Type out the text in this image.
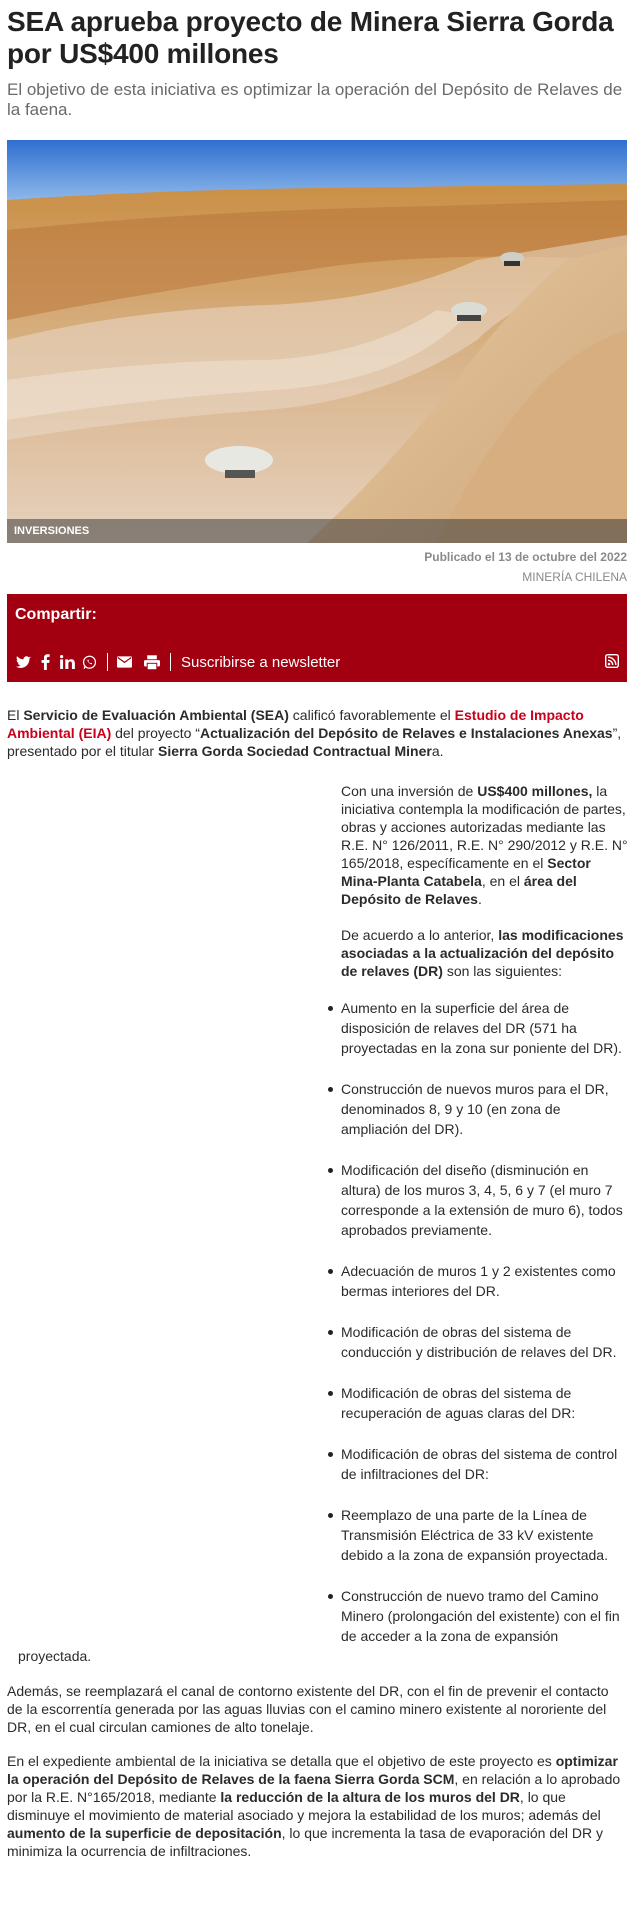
SEA aprueba proyecto de Minera Sierra Gorda por US$400 millones
El objetivo de esta iniciativa es optimizar la operación del Depósito de Relaves de la faena.
INVERSIONES
Publicado el 13 de octubre del 2022
MINERÍA CHILENA
Compartir:
Suscribirse a newsletter
El Servicio de Evaluación Ambiental (SEA) calificó favorablemente el Estudio de Impacto Ambiental (EIA) del proyecto “Actualización del Depósito de Relaves e Instalaciones Anexas”, presentado por el titular Sierra Gorda Sociedad Contractual Minera.

Con una inversión de US$400 millones, la iniciativa contempla la modificación de partes, obras y acciones autorizadas mediante las R.E. N° 126/2011, R.E. N° 290/2012 y R.E. N° 165/2018, específicamente en el Sector Mina-Planta Catabela, en el área del Depósito de Relaves.

De acuerdo a lo anterior, las modificaciones asociadas a la actualización del depósito de relaves (DR) son las siguientes:

Aumento en la superficie del área de disposición de relaves del DR (571 ha proyectadas en la zona sur poniente del DR).
Construcción de nuevos muros para el DR, denominados 8, 9 y 10 (en zona de ampliación del DR).
Modificación del diseño (disminución en altura) de los muros 3, 4, 5, 6 y 7 (el muro 7 corresponde a la extensión de muro 6), todos aprobados previamente.
Adecuación de muros 1 y 2 existentes como bermas interiores del DR.
Modificación de obras del sistema de conducción y distribución de relaves del DR.
Modificación de obras del sistema de recuperación de aguas claras del DR:
Modificación de obras del sistema de control de infiltraciones del DR:
Reemplazo de una parte de la Línea de Transmisión Eléctrica de 33 kV existente debido a la zona de expansión proyectada.
Construcción de nuevo tramo del Camino Minero (prolongación del existente) con el fin de acceder a la zona de expansión
proyectada.
Además, se reemplazará el canal de contorno existente del DR, con el fin de prevenir el contacto de la escorrentía generada por las aguas lluvias con el camino minero existente al nororiente del DR, en el cual circulan camiones de alto tonelaje.
En el expediente ambiental de la iniciativa se detalla que el objetivo de este proyecto es optimizar la operación del Depósito de Relaves de la faena Sierra Gorda SCM, en relación a lo aprobado por la R.E. N°165/2018, mediante la reducción de la altura de los muros del DR, lo que disminuye el movimiento de material asociado y mejora la estabilidad de los muros; además del aumento de la superficie de depositación, lo que incrementa la tasa de evaporación del DR y minimiza la ocurrencia de infiltraciones.
